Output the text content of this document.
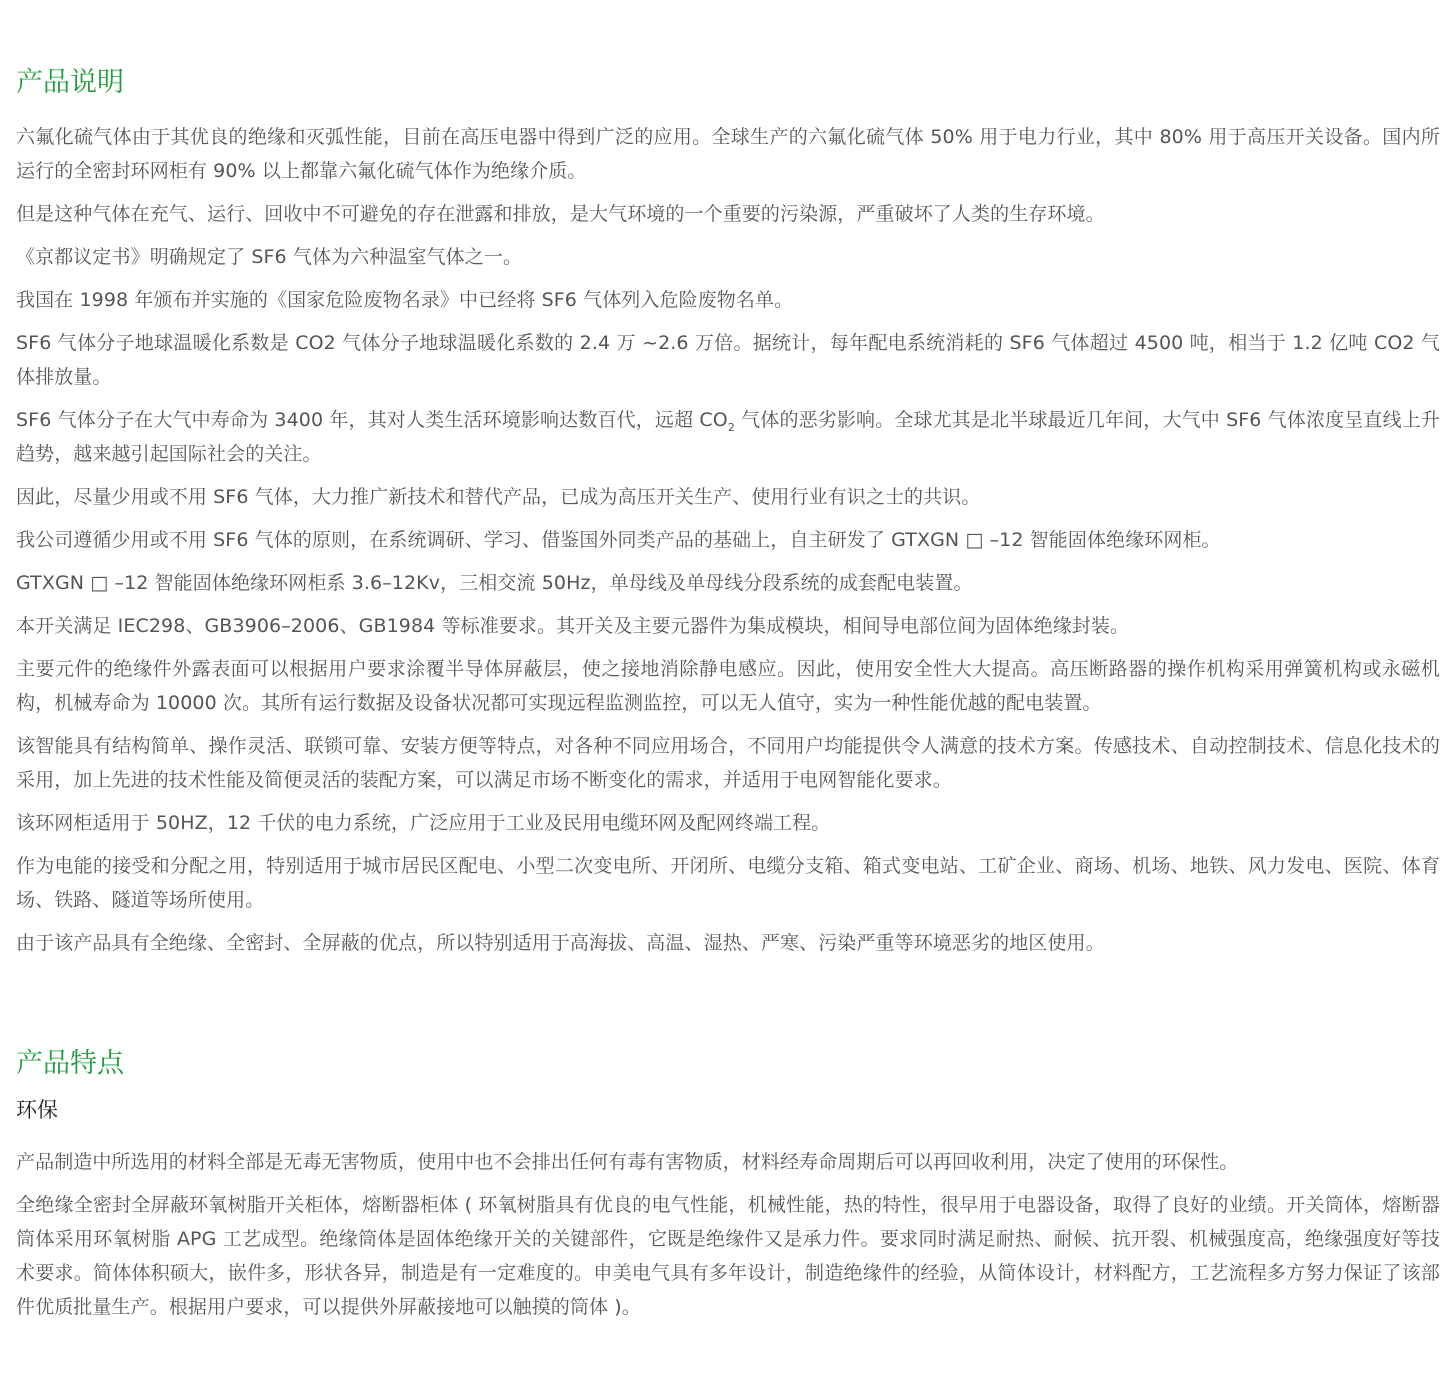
产品说明

六氟化硫气体由于其优良的绝缘和灭弧性能，目前在高压电器中得到广泛的应用。全球生产的六氟化硫气体 50% 用于电力行业，其中 80% 用于高压开关设备。国内所运行的全密封环网柜有 90% 以上都靠六氟化硫气体作为绝缘介质。

但是这种气体在充气、运行、回收中不可避免的存在泄露和排放，是大气环境的一个重要的污染源，严重破坏了人类的生存环境。

《京都议定书》明确规定了 SF6 气体为六种温室气体之一。

我国在 1998 年颁布并实施的《国家危险废物名录》中已经将 SF6 气体列入危险废物名单。

SF6 气体分子地球温暖化系数是 CO2 气体分子地球温暖化系数的 2.4 万 ~2.6 万倍。据统计，每年配电系统消耗的 SF6 气体超过 4500 吨，相当于 1.2 亿吨 CO2 气体排放量。

SF6 气体分子在大气中寿命为 3400 年，其对人类生活环境影响达数百代，远超 $CO_2$ 气体的恶劣影响。全球尤其是北半球最近几年间，大气中 SF6 气体浓度呈直线上升趋势，越来越引起国际社会的关注。

因此，尽量少用或不用 SF6 气体，大力推广新技术和替代产品，已成为高压开关生产、使用行业有识之士的共识。

我公司遵循少用或不用 SF6 气体的原则，在系统调研、学习、借鉴国外同类产品的基础上，自主研发了 GTXGN □ –12 智能固体绝缘环网柜。

GTXGN □ –12 智能固体绝缘环网柜系 3.6–12Kv，三相交流 50Hz，单母线及单母线分段系统的成套配电装置。

本开关满足 IEC298、GB3906–2006、GB1984 等标准要求。其开关及主要元器件为集成模块，相间导电部位间为固体绝缘封装。

主要元件的绝缘件外露表面可以根据用户要求涂覆半导体屏蔽层，使之接地消除静电感应。因此，使用安全性大大提高。高压断路器的操作机构采用弹簧机构或永磁机构，机械寿命为 10000 次。其所有运行数据及设备状况都可实现远程监测监控，可以无人值守，实为一种性能优越的配电装置。

该智能具有结构简单、操作灵活、联锁可靠、安装方便等特点，对各种不同应用场合，不同用户均能提供令人满意的技术方案。传感技术、自动控制技术、信息化技术的采用，加上先进的技术性能及简便灵活的装配方案，可以满足市场不断变化的需求，并适用于电网智能化要求。

该环网柜适用于 50HZ，12 千伏的电力系统，广泛应用于工业及民用电缆环网及配网终端工程。

作为电能的接受和分配之用，特别适用于城市居民区配电、小型二次变电所、开闭所、电缆分支箱、箱式变电站、工矿企业、商场、机场、地铁、风力发电、医院、体育场、铁路、隧道等场所使用。

由于该产品具有全绝缘、全密封、全屏蔽的优点，所以特别适用于高海拔、高温、湿热、严寒、污染严重等环境恶劣的地区使用。

产品特点
环保

产品制造中所选用的材料全部是无毒无害物质，使用中也不会排出任何有毒有害物质，材料经寿命周期后可以再回收利用，决定了使用的环保性。

全绝缘全密封全屏蔽环氧树脂开关柜体，熔断器柜体 ( 环氧树脂具有优良的电气性能，机械性能，热的特性，很早用于电器设备，取得了良好的业绩。开关筒体，熔断器筒体采用环氧树脂 APG 工艺成型。绝缘筒体是固体绝缘开关的关键部件，它既是绝缘件又是承力件。要求同时满足耐热、耐候、抗开裂、机械强度高，绝缘强度好等技术要求。简体体积硕大，嵌件多，形状各异，制造是有一定难度的。申美电气具有多年设计，制造绝缘件的经验，从简体设计，材料配方，工艺流程多方努力保证了该部件优质批量生产。根据用户要求，可以提供外屏蔽接地可以触摸的筒体 )。
